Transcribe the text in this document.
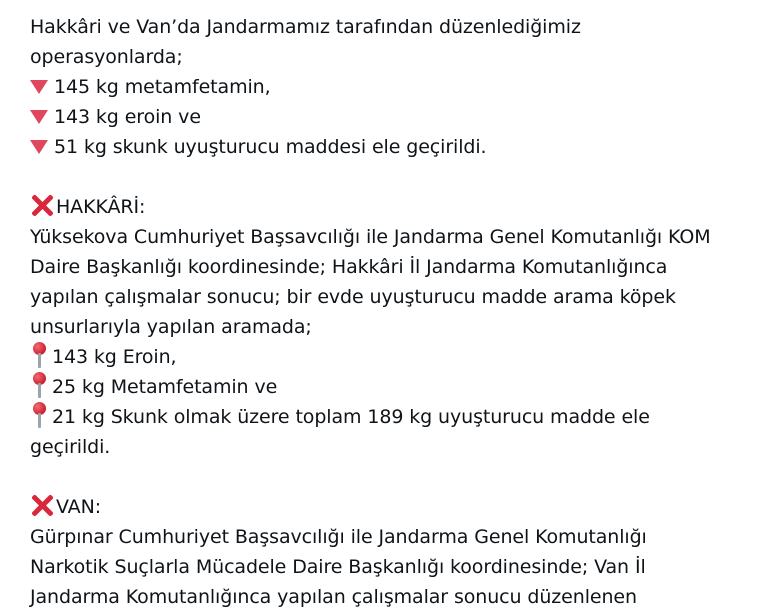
Hakkâri ve Van’da Jandarmamız tarafından düzenlediğimiz
operasyonlarda;
145 kg metamfetamin,
143 kg eroin ve
51 kg skunk uyuşturucu maddesi ele geçirildi.
HAKKÂRİ:
Yüksekova Cumhuriyet Başsavcılığı ile Jandarma Genel Komutanlığı KOM
Daire Başkanlığı koordinesinde; Hakkâri İl Jandarma Komutanlığınca
yapılan çalışmalar sonucu; bir evde uyuşturucu madde arama köpek
unsurlarıyla yapılan aramada;
143 kg Eroin,
25 kg Metamfetamin ve
21 kg Skunk olmak üzere toplam 189 kg uyuşturucu madde ele
geçirildi.
VAN:
Gürpınar Cumhuriyet Başsavcılığı ile Jandarma Genel Komutanlığı
Narkotik Suçlarla Mücadele Daire Başkanlığı koordinesinde; Van İl
Jandarma Komutanlığınca yapılan çalışmalar sonucu düzenlenen
